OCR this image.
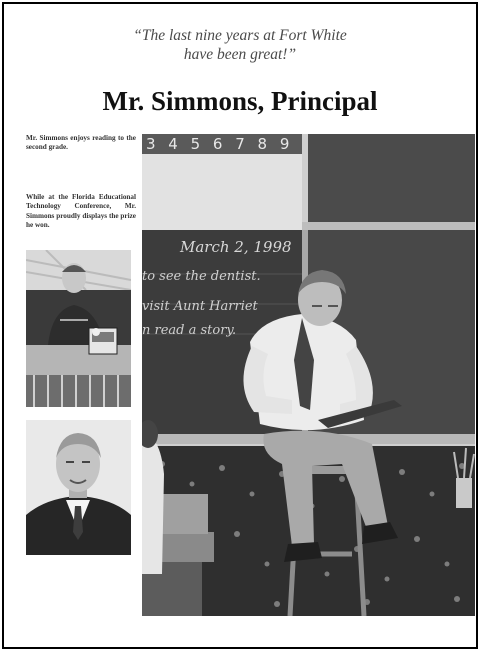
“The last nine years at Fort White
have been great!”
Mr. Simmons, Principal
Mr. Simmons enjoys reading to the second grade.
While at the Florida Educational Technology Conference, Mr. Simmons proudly displays the prize he won.
3 4 5 6 7 8 9
March 2, 1998
to see the dentist.
visit Aunt Harriet
n read a story.
